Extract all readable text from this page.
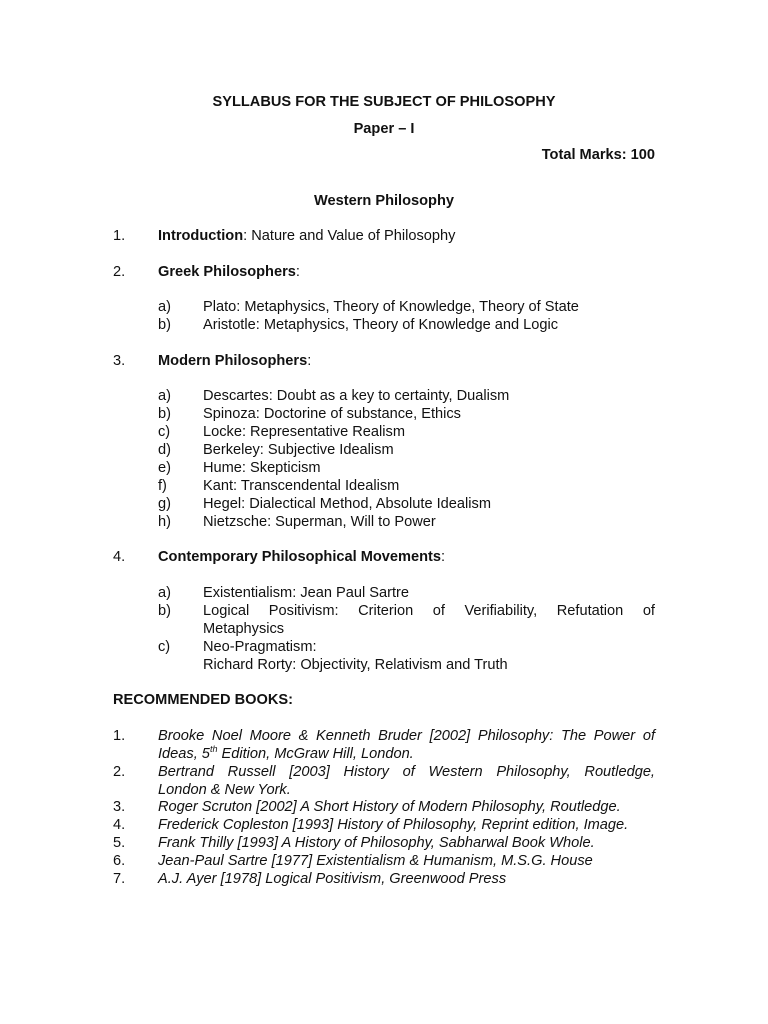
SYLLABUS FOR THE SUBJECT OF PHILOSOPHY
Paper – I
Total Marks: 100
Western Philosophy
1. Introduction: Nature and Value of Philosophy
2. Greek Philosophers:
a) Plato: Metaphysics, Theory of Knowledge, Theory of State
b) Aristotle: Metaphysics, Theory of Knowledge and Logic
3. Modern Philosophers:
a) Descartes: Doubt as a key to certainty, Dualism
b) Spinoza: Doctorine of substance, Ethics
c) Locke: Representative Realism
d) Berkeley: Subjective Idealism
e) Hume: Skepticism
f) Kant: Transcendental Idealism
g) Hegel: Dialectical Method, Absolute Idealism
h) Nietzsche: Superman, Will to Power
4. Contemporary Philosophical Movements:
a) Existentialism: Jean Paul Sartre
b) Logical Positivism: Criterion of Verifiability, Refutation of
Metaphysics
c) Neo-Pragmatism:
Richard Rorty: Objectivity, Relativism and Truth
RECOMMENDED BOOKS:
1. Brooke Noel Moore & Kenneth Bruder [2002] Philosophy: The Power of
Ideas, 5th Edition, McGraw Hill, London.
2. Bertrand Russell [2003] History of Western Philosophy, Routledge,
London & New York.
3. Roger Scruton [2002] A Short History of Modern Philosophy, Routledge.
4. Frederick Copleston [1993] History of Philosophy, Reprint edition, Image.
5. Frank Thilly [1993] A History of Philosophy, Sabharwal Book Whole.
6. Jean-Paul Sartre [1977] Existentialism & Humanism, M.S.G. House
7. A.J. Ayer [1978] Logical Positivism, Greenwood Press
